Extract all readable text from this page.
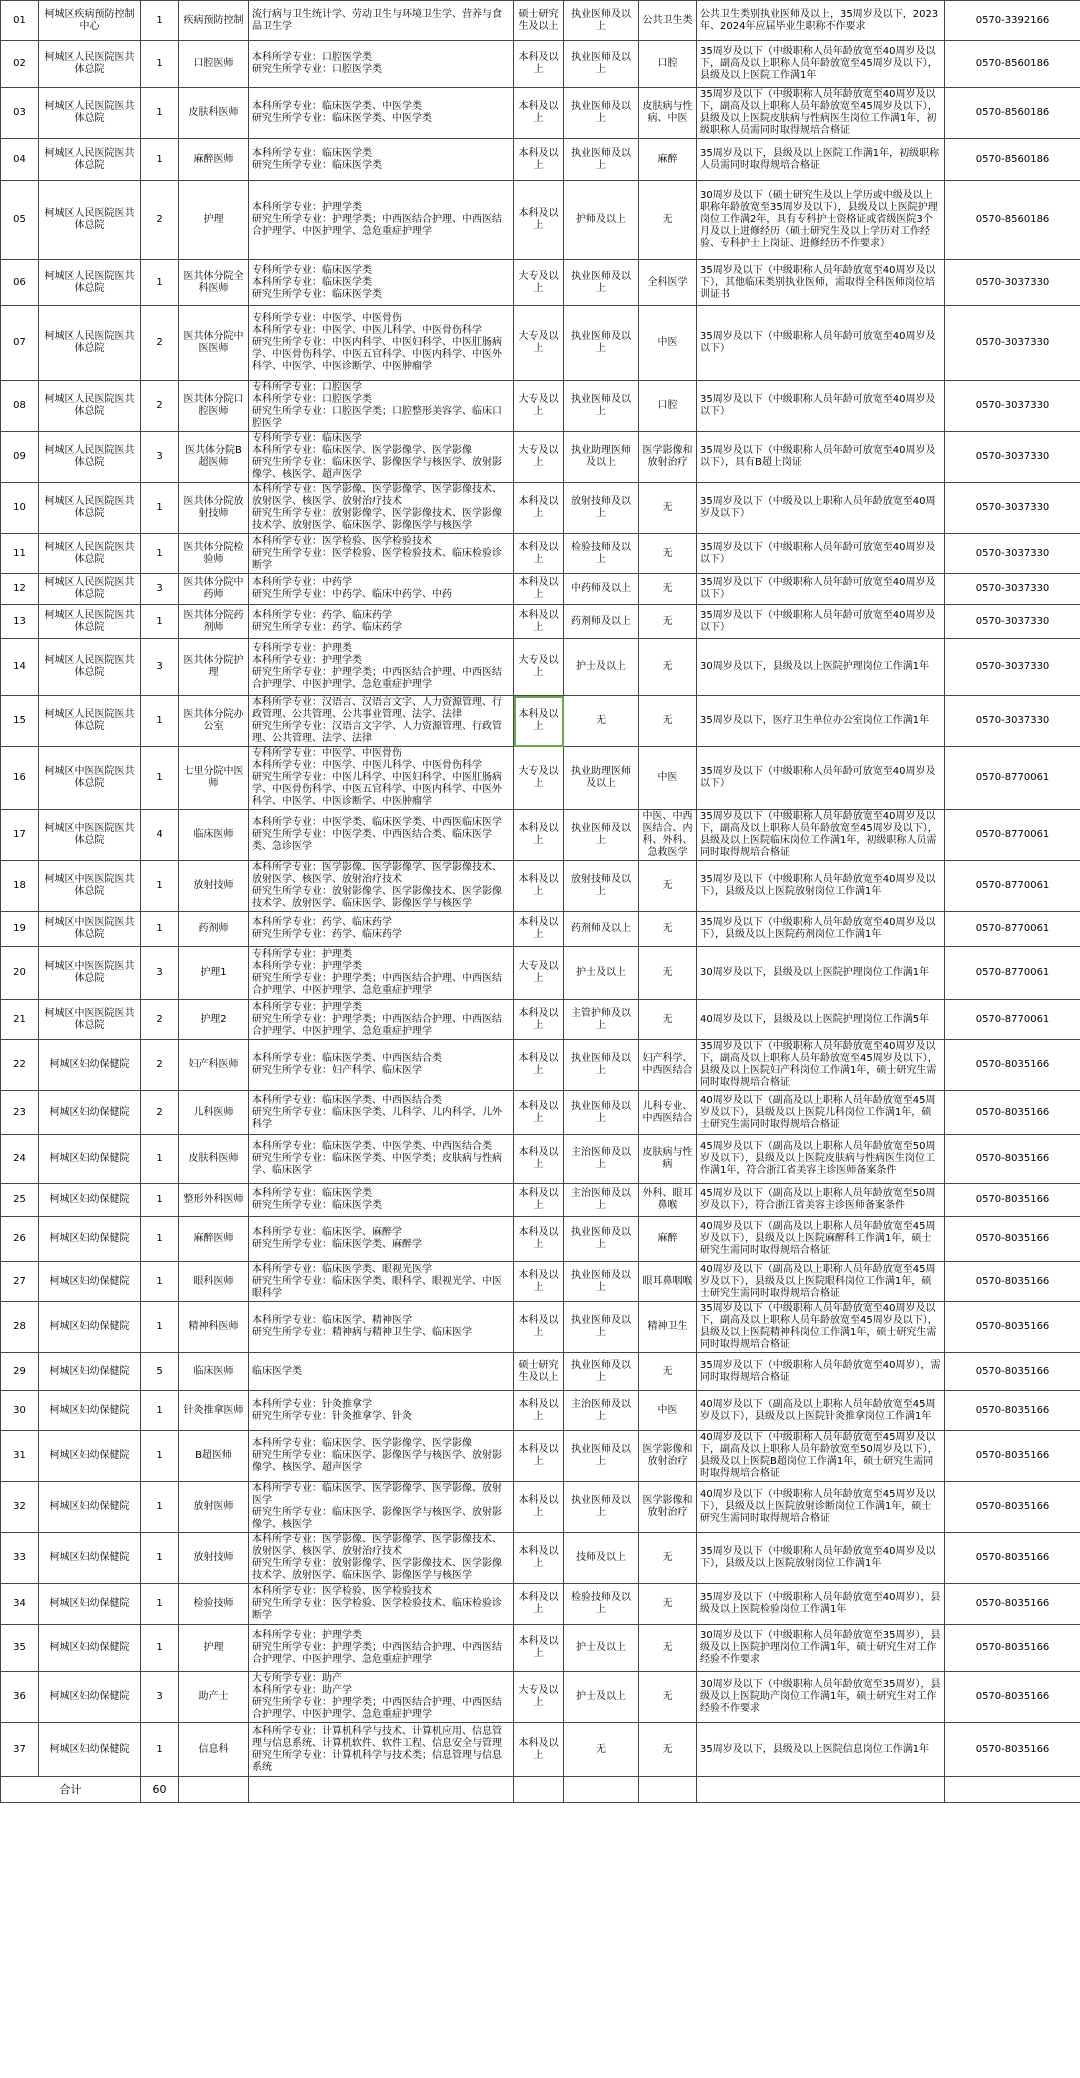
01	柯城区疾病预防控制中心	1	疾病预防控制	流行病与卫生统计学、劳动卫生与环境卫生学、营养与食品卫生学	硕士研究生及以上	执业医师及以上	公共卫生类	公共卫生类别执业医师及以上，35周岁及以下，2023年、2024年应届毕业生职称不作要求	0570-3392166
02	柯城区人民医院医共体总院	1	口腔医师	本科所学专业：口腔医学类
研究生所学专业：口腔医学类	本科及以上	执业医师及以上	口腔	35周岁及以下（中级职称人员年龄放宽至40周岁及以下，副高及以上职称人员年龄放宽至45周岁及以下），县级及以上医院工作满1年	0570-8560186
03	柯城区人民医院医共体总院	1	皮肤科医师	本科所学专业：临床医学类、中医学类
研究生所学专业：临床医学类、中医学类	本科及以上	执业医师及以上	皮肤病与性病、中医	35周岁及以下（中级职称人员年龄放宽至40周岁及以下，副高及以上职称人员年龄放宽至45周岁及以下），县级及以上医院皮肤病与性病医生岗位工作满1年，初级职称人员需同时取得规培合格证	0570-8560186
04	柯城区人民医院医共体总院	1	麻醉医师	本科所学专业：临床医学类
研究生所学专业：临床医学类	本科及以上	执业医师及以上	麻醉	35周岁及以下，县级及以上医院工作满1年，初级职称人员需同时取得规培合格证	0570-8560186
05	柯城区人民医院医共体总院	2	护理	本科所学专业：护理学类
研究生所学专业：护理学类；中西医结合护理、中西医结合护理学、中医护理学、急危重症护理学	本科及以上	护师及以上	无	30周岁及以下（硕士研究生及以上学历或中级及以上职称年龄放宽至35周岁及以下），县级及以上医院护理岗位工作满2年，具有专科护士资格证或省级医院3个月及以上进修经历（硕士研究生及以上学历对工作经验、专科护士上岗证、进修经历不作要求）	0570-8560186
06	柯城区人民医院医共体总院	1	医共体分院全科医师	专科所学专业：临床医学类
本科所学专业：临床医学类
研究生所学专业：临床医学类	大专及以上	执业医师及以上	全科医学	35周岁及以下（中级职称人员年龄放宽至40周岁及以下），其他临床类别执业医师，需取得全科医师岗位培训证书	0570-3037330
07	柯城区人民医院医共体总院	2	医共体分院中医医师	专科所学专业：中医学、中医骨伤
本科所学专业：中医学、中医儿科学、中医骨伤科学
研究生所学专业：中医内科学、中医妇科学、中医肛肠病学、中医骨伤科学、中医五官科学、中医内科学、中医外科学、中医学、中医诊断学、中医肿瘤学	大专及以上	执业医师及以上	中医	35周岁及以下（中级职称人员年龄可放宽至40周岁及以下）	0570-3037330
08	柯城区人民医院医共体总院	2	医共体分院口腔医师	专科所学专业：口腔医学
本科所学专业：口腔医学类
研究生所学专业：口腔医学类；口腔整形美容学、临床口腔医学	大专及以上	执业医师及以上	口腔	35周岁及以下（中级职称人员年龄可放宽至40周岁及以下）	0570-3037330
09	柯城区人民医院医共体总院	3	医共体分院B超医师	专科所学专业：临床医学
本科所学专业：临床医学、医学影像学、医学影像
研究生所学专业：临床医学、影像医学与核医学、放射影像学、核医学、超声医学	大专及以上	执业助理医师及以上	医学影像和放射治疗	35周岁及以下（中级职称人员年龄可放宽至40周岁及以下），具有B超上岗证	0570-3037330
10	柯城区人民医院医共体总院	1	医共体分院放射技师	本科所学专业：医学影像、医学影像学、医学影像技术、放射医学、核医学、放射治疗技术
研究生所学专业：放射影像学、医学影像技术、医学影像技术学、放射医学、临床医学、影像医学与核医学	本科及以上	放射技师及以上	无	35周岁及以下（中级及以上职称人员年龄放宽至40周岁及以下）	0570-3037330
11	柯城区人民医院医共体总院	1	医共体分院检验师	本科所学专业：医学检验、医学检验技术
研究生所学专业：医学检验、医学检验技术、临床检验诊断学	本科及以上	检验技师及以上	无	35周岁及以下（中级职称人员年龄可放宽至40周岁及以下）	0570-3037330
12	柯城区人民医院医共体总院	3	医共体分院中药师	本科所学专业：中药学
研究生所学专业：中药学、临床中药学、中药	本科及以上	中药师及以上	无	35周岁及以下（中级职称人员年龄可放宽至40周岁及以下）	0570-3037330
13	柯城区人民医院医共体总院	1	医共体分院药剂师	本科所学专业：药学、临床药学
研究生所学专业：药学、临床药学	本科及以上	药剂师及以上	无	35周岁及以下（中级职称人员年龄可放宽至40周岁及以下）	0570-3037330
14	柯城区人民医院医共体总院	3	医共体分院护理	专科所学专业：护理类
本科所学专业：护理学类
研究生所学专业：护理学类；中西医结合护理、中西医结合护理学、中医护理学、急危重症护理学	大专及以上	护士及以上	无	30周岁及以下，县级及以上医院护理岗位工作满1年	0570-3037330
15	柯城区人民医院医共体总院	1	医共体分院办公室	本科所学专业：汉语言、汉语言文字、人力资源管理、行政管理、公共管理、公共事业管理、法学、法律
研究生所学专业：汉语言文字学、人力资源管理、行政管理、公共管理、法学、法律	本科及以上	无	无	35周岁及以下，医疗卫生单位办公室岗位工作满1年	0570-3037330
16	柯城区中医医院医共体总院	1	七里分院中医师	专科所学专业：中医学、中医骨伤
本科所学专业：中医学、中医儿科学、中医骨伤科学
研究生所学专业：中医儿科学、中医妇科学、中医肛肠病学、中医骨伤科学、中医五官科学、中医内科学、中医外科学、中医学、中医诊断学、中医肿瘤学	大专及以上	执业助理医师及以上	中医	35周岁及以下（中级职称人员年龄可放宽至40周岁及以下）	0570-8770061
17	柯城区中医医院医共体总院	4	临床医师	本科所学专业：中医学类、临床医学类、中西医临床医学
研究生所学专业：中医学类、中西医结合类、临床医学类、急诊医学	本科及以上	执业医师及以上	中医、中西医结合、内科、外科、急救医学	35周岁及以下（中级职称人员年龄放宽至40周岁及以下，副高及以上职称人员年龄放宽至45周岁及以下），县级及以上医院临床岗位工作满1年，初级职称人员需同时取得规培合格证	0570-8770061
18	柯城区中医医院医共体总院	1	放射技师	本科所学专业：医学影像、医学影像学、医学影像技术、放射医学、核医学、放射治疗技术
研究生所学专业：放射影像学、医学影像技术、医学影像技术学、放射医学、临床医学、影像医学与核医学	本科及以上	放射技师及以上	无	35周岁及以下（中级职称人员年龄放宽至40周岁及以下），县级及以上医院放射岗位工作满1年	0570-8770061
19	柯城区中医医院医共体总院	1	药剂师	本科所学专业：药学、临床药学
研究生所学专业：药学、临床药学	本科及以上	药剂师及以上	无	35周岁及以下（中级职称人员年龄放宽至40周岁及以下），县级及以上医院药剂岗位工作满1年	0570-8770061
20	柯城区中医医院医共体总院	3	护理1	专科所学专业：护理类
本科所学专业：护理学类
研究生所学专业：护理学类；中西医结合护理、中西医结合护理学、中医护理学、急危重症护理学	大专及以上	护士及以上	无	30周岁及以下，县级及以上医院护理岗位工作满1年	0570-8770061
21	柯城区中医医院医共体总院	2	护理2	本科所学专业：护理学类
研究生所学专业：护理学类；中西医结合护理、中西医结合护理学、中医护理学、急危重症护理学	本科及以上	主管护师及以上	无	40周岁及以下，县级及以上医院护理岗位工作满5年	0570-8770061
22	柯城区妇幼保健院	2	妇产科医师	本科所学专业：临床医学类、中西医结合类
研究生所学专业：妇产科学、临床医学	本科及以上	执业医师及以上	妇产科学、中西医结合	35周岁及以下（中级职称人员年龄放宽至40周岁及以下，副高及以上职称人员年龄放宽至45周岁及以下），县级及以上医院妇产科岗位工作满1年，硕士研究生需同时取得规培合格证	0570-8035166
23	柯城区妇幼保健院	2	儿科医师	本科所学专业：临床医学类、中西医结合类
研究生所学专业：临床医学类、儿科学、儿内科学、儿外科学	本科及以上	执业医师及以上	儿科专业、中西医结合	40周岁及以下（副高及以上职称人员年龄放宽至45周岁及以下），县级及以上医院儿科岗位工作满1年，硕士研究生需同时取得规培合格证	0570-8035166
24	柯城区妇幼保健院	1	皮肤科医师	本科所学专业：临床医学类、中医学类、中西医结合类
研究生所学专业：临床医学类、中医学类；皮肤病与性病学、临床医学	本科及以上	主治医师及以上	皮肤病与性病	45周岁及以下（副高及以上职称人员年龄放宽至50周岁及以下），县级及以上医院皮肤病与性病医生岗位工作满1年，符合浙江省美容主诊医师备案条件	0570-8035166
25	柯城区妇幼保健院	1	整形外科医师	本科所学专业：临床医学类
研究生所学专业：临床医学类	本科及以上	主治医师及以上	外科、眼耳鼻喉	45周岁及以下（副高及以上职称人员年龄放宽至50周岁及以下），符合浙江省美容主诊医师备案条件	0570-8035166
26	柯城区妇幼保健院	1	麻醉医师	本科所学专业：临床医学、麻醉学
研究生所学专业：临床医学类、麻醉学	本科及以上	执业医师及以上	麻醉	40周岁及以下（副高及以上职称人员年龄放宽至45周岁及以下），县级及以上医院麻醉科工作满1年，硕士研究生需同时取得规培合格证	0570-8035166
27	柯城区妇幼保健院	1	眼科医师	本科所学专业：临床医学类、眼视光医学
研究生所学专业：临床医学类、眼科学、眼视光学、中医眼科学	本科及以上	执业医师及以上	眼耳鼻咽喉	40周岁及以下（副高及以上职称人员年龄放宽至45周岁及以下），县级及以上医院眼科岗位工作满1年，硕士研究生需同时取得规培合格证	0570-8035166
28	柯城区妇幼保健院	1	精神科医师	本科所学专业：临床医学、精神医学
研究生所学专业：精神病与精神卫生学、临床医学	本科及以上	执业医师及以上	精神卫生	35周岁及以下（中级职称人员年龄放宽至40周岁及以下，副高及以上职称人员年龄放宽至45周岁及以下），县级及以上医院精神科岗位工作满1年，硕士研究生需同时取得规培合格证	0570-8035166
29	柯城区妇幼保健院	5	临床医师	临床医学类	硕士研究生及以上	执业医师及以上	无	35周岁及以下（中级职称人员年龄放宽至40周岁），需同时取得规培合格证	0570-8035166
30	柯城区妇幼保健院	1	针灸推拿医师	本科所学专业：针灸推拿学
研究生所学专业：针灸推拿学、针灸	本科及以上	主治医师及以上	中医	40周岁及以下（副高及以上职称人员年龄放宽至45周岁及以下），县级及以上医院针灸推拿岗位工作满1年	0570-8035166
31	柯城区妇幼保健院	1	B超医师	本科所学专业：临床医学、医学影像学、医学影像
研究生所学专业：临床医学、影像医学与核医学、放射影像学、核医学、超声医学	本科及以上	执业医师及以上	医学影像和放射治疗	40周岁及以下（中级职称人员年龄放宽至45周岁及以下，副高及以上职称人员年龄放宽至50周岁及以下），县级及以上医院B超岗位工作满1年，硕士研究生需同时取得规培合格证	0570-8035166
32	柯城区妇幼保健院	1	放射医师	本科所学专业：临床医学、医学影像学、医学影像、放射医学
研究生所学专业：临床医学、影像医学与核医学、放射影像学、核医学	本科及以上	执业医师及以上	医学影像和放射治疗	40周岁及以下（中级职称人员年龄放宽至45周岁及以下），县级及以上医院放射诊断岗位工作满1年，硕士研究生需同时取得规培合格证	0570-8035166
33	柯城区妇幼保健院	1	放射技师	本科所学专业：医学影像、医学影像学、医学影像技术、放射医学、核医学、放射治疗技术
研究生所学专业：放射影像学、医学影像技术、医学影像技术学、放射医学、临床医学、影像医学与核医学	本科及以上	技师及以上	无	35周岁及以下（中级职称人员年龄放宽至40周岁及以下），县级及以上医院放射岗位工作满1年	0570-8035166
34	柯城区妇幼保健院	1	检验技师	本科所学专业：医学检验、医学检验技术
研究生所学专业：医学检验、医学检验技术、临床检验诊断学	本科及以上	检验技师及以上	无	35周岁及以下（中级职称人员年龄放宽至40周岁），县级及以上医院检验岗位工作满1年	0570-8035166
35	柯城区妇幼保健院	1	护理	本科所学专业：护理学类
研究生所学专业：护理学类；中西医结合护理、中西医结合护理学、中医护理学、急危重症护理学	本科及以上	护士及以上	无	30周岁及以下（中级职称人员年龄放宽至35周岁），县级及以上医院护理岗位工作满1年，硕士研究生对工作经验不作要求	0570-8035166
36	柯城区妇幼保健院	3	助产士	大专所学专业：助产
本科所学专业：助产学
研究生所学专业：护理学类；中西医结合护理、中西医结合护理学、中医护理学、急危重症护理学	大专及以上	护士及以上	无	30周岁及以下（中级职称人员年龄放宽至35周岁），县级及以上医院助产岗位工作满1年，硕士研究生对工作经验不作要求	0570-8035166
37	柯城区妇幼保健院	1	信息科	本科所学专业：计算机科学与技术、计算机应用、信息管理与信息系统、计算机软件、软件工程、信息安全与管理
研究生所学专业：计算机科学与技术类；信息管理与信息系统	本科及以上	无	无	35周岁及以下，县级及以上医院信息岗位工作满1年	0570-8035166
合计		60							
